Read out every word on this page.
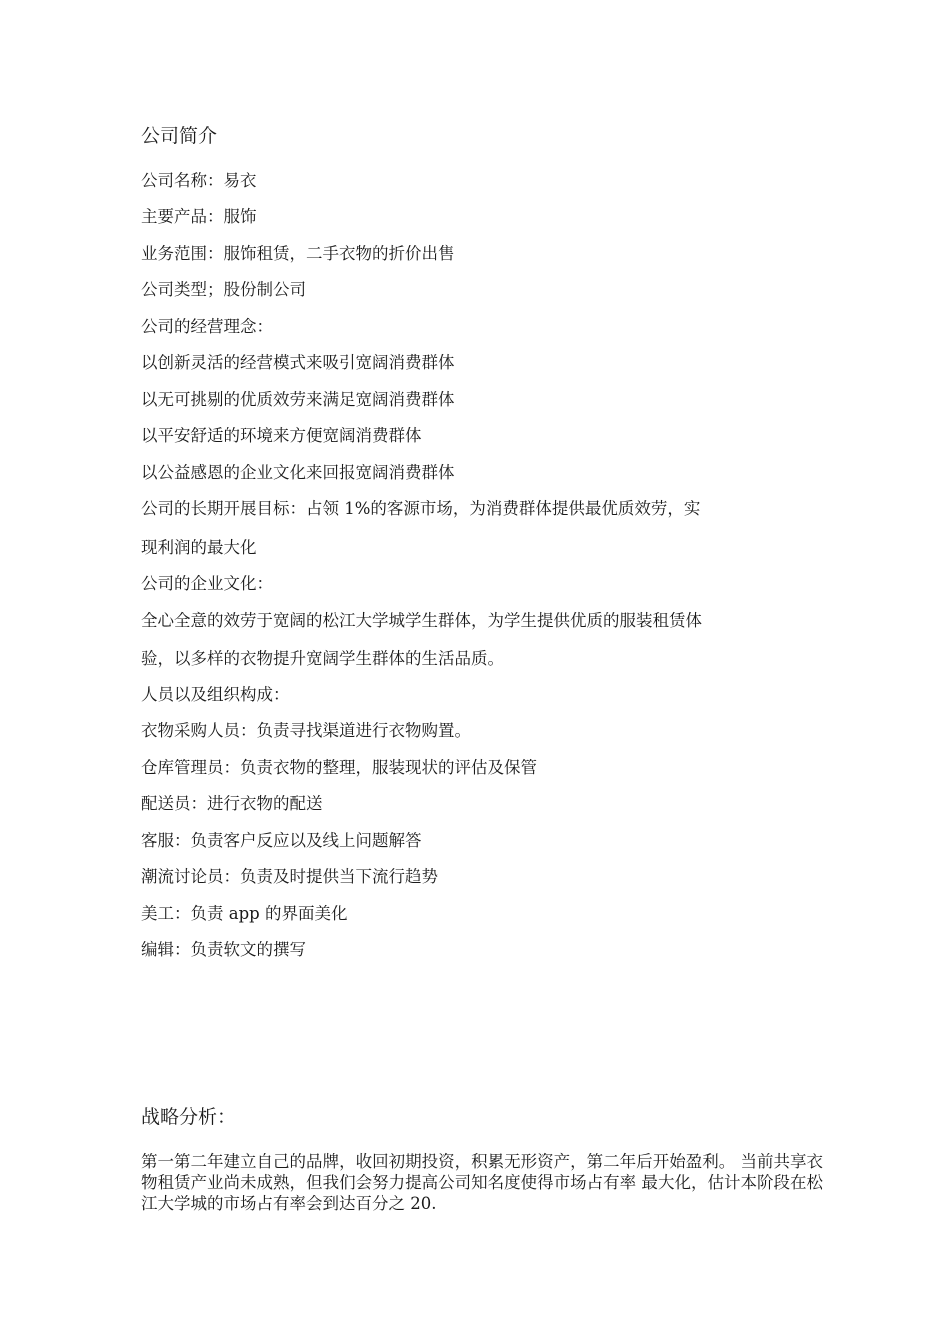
公司简介
公司名称：易衣
主要产品：服饰
业务范围：服饰租赁，二手衣物的折价出售
公司类型；股份制公司
公司的经营理念：
以创新灵活的经营模式来吸引宽阔消费群体
以无可挑剔的优质效劳来满足宽阔消费群体
以平安舒适的环境来方便宽阔消费群体
以公益感恩的企业文化来回报宽阔消费群体
公司的长期开展目标：占领 1%的客源市场，为消费群体提供最优质效劳，实
现利润的最大化
公司的企业文化：
全心全意的效劳于宽阔的松江大学城学生群体，为学生提供优质的服装租赁体
验，以多样的衣物提升宽阔学生群体的生活品质。
人员以及组织构成：
衣物采购人员：负责寻找渠道进行衣物购置。
仓库管理员：负责衣物的整理，服装现状的评估及保管
配送员：进行衣物的配送
客服：负责客户反应以及线上问题解答
潮流讨论员：负责及时提供当下流行趋势
美工：负责 app 的界面美化
编辑：负责软文的撰写
战略分析：
第一第二年建立自己的品牌，收回初期投资，积累无形资产，第二年后开始盈利。 当前共享衣物租赁产业尚未成熟，但我们会努力提高公司知名度使得市场占有率 最大化，估计本阶段在松江大学城的市场占有率会到达百分之 20.
